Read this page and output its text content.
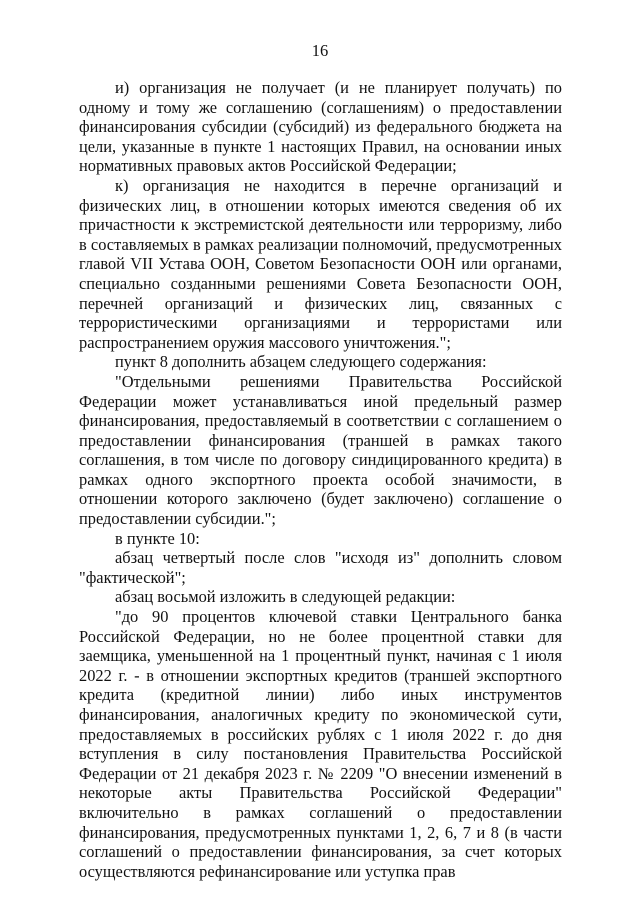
16

и) организация не получает (и не планирует получать) по одному и тому же соглашению (соглашениям) о предоставлении финансирования субсидии (субсидий) из федерального бюджета на цели, указанные в пункте 1 настоящих Правил, на основании иных нормативных правовых актов Российской Федерации;

к) организация не находится в перечне организаций и физических лиц, в отношении которых имеются сведения об их причастности к экстремистской деятельности или терроризму, либо в составляемых в рамках реализации полномочий, предусмотренных главой VII Устава ООН, Советом Безопасности ООН или органами, специально созданными решениями Совета Безопасности ООН, перечней организаций и физических лиц, связанных с террористическими организациями и террористами или распространением оружия массового уничтожения.";

пункт 8 дополнить абзацем следующего содержания:

"Отдельными решениями Правительства Российской Федерации может устанавливаться иной предельный размер финансирования, предоставляемый в соответствии с соглашением о предоставлении финансирования (траншей в рамках такого соглашения, в том числе по договору синдицированного кредита) в рамках одного экспортного проекта особой значимости, в отношении которого заключено (будет заключено) соглашение о предоставлении субсидии.";

в пункте 10:

абзац четвертый после слов "исходя из" дополнить словом "фактической";

абзац восьмой изложить в следующей редакции:

"до 90 процентов ключевой ставки Центрального банка Российской Федерации, но не более процентной ставки для заемщика, уменьшенной на 1 процентный пункт, начиная с 1 июля 2022 г. - в отношении экспортных кредитов (траншей экспортного кредита (кредитной линии) либо иных инструментов финансирования, аналогичных кредиту по экономической сути, предоставляемых в российских рублях с 1 июля 2022 г. до дня вступления в силу постановления Правительства Российской Федерации от 21 декабря 2023 г. № 2209 "О внесении изменений в некоторые акты Правительства Российской Федерации" включительно в рамках соглашений о предоставлении финансирования, предусмотренных пунктами 1, 2, 6, 7 и 8 (в части соглашений о предоставлении финансирования, за счет которых осуществляются рефинансирование или уступка прав
